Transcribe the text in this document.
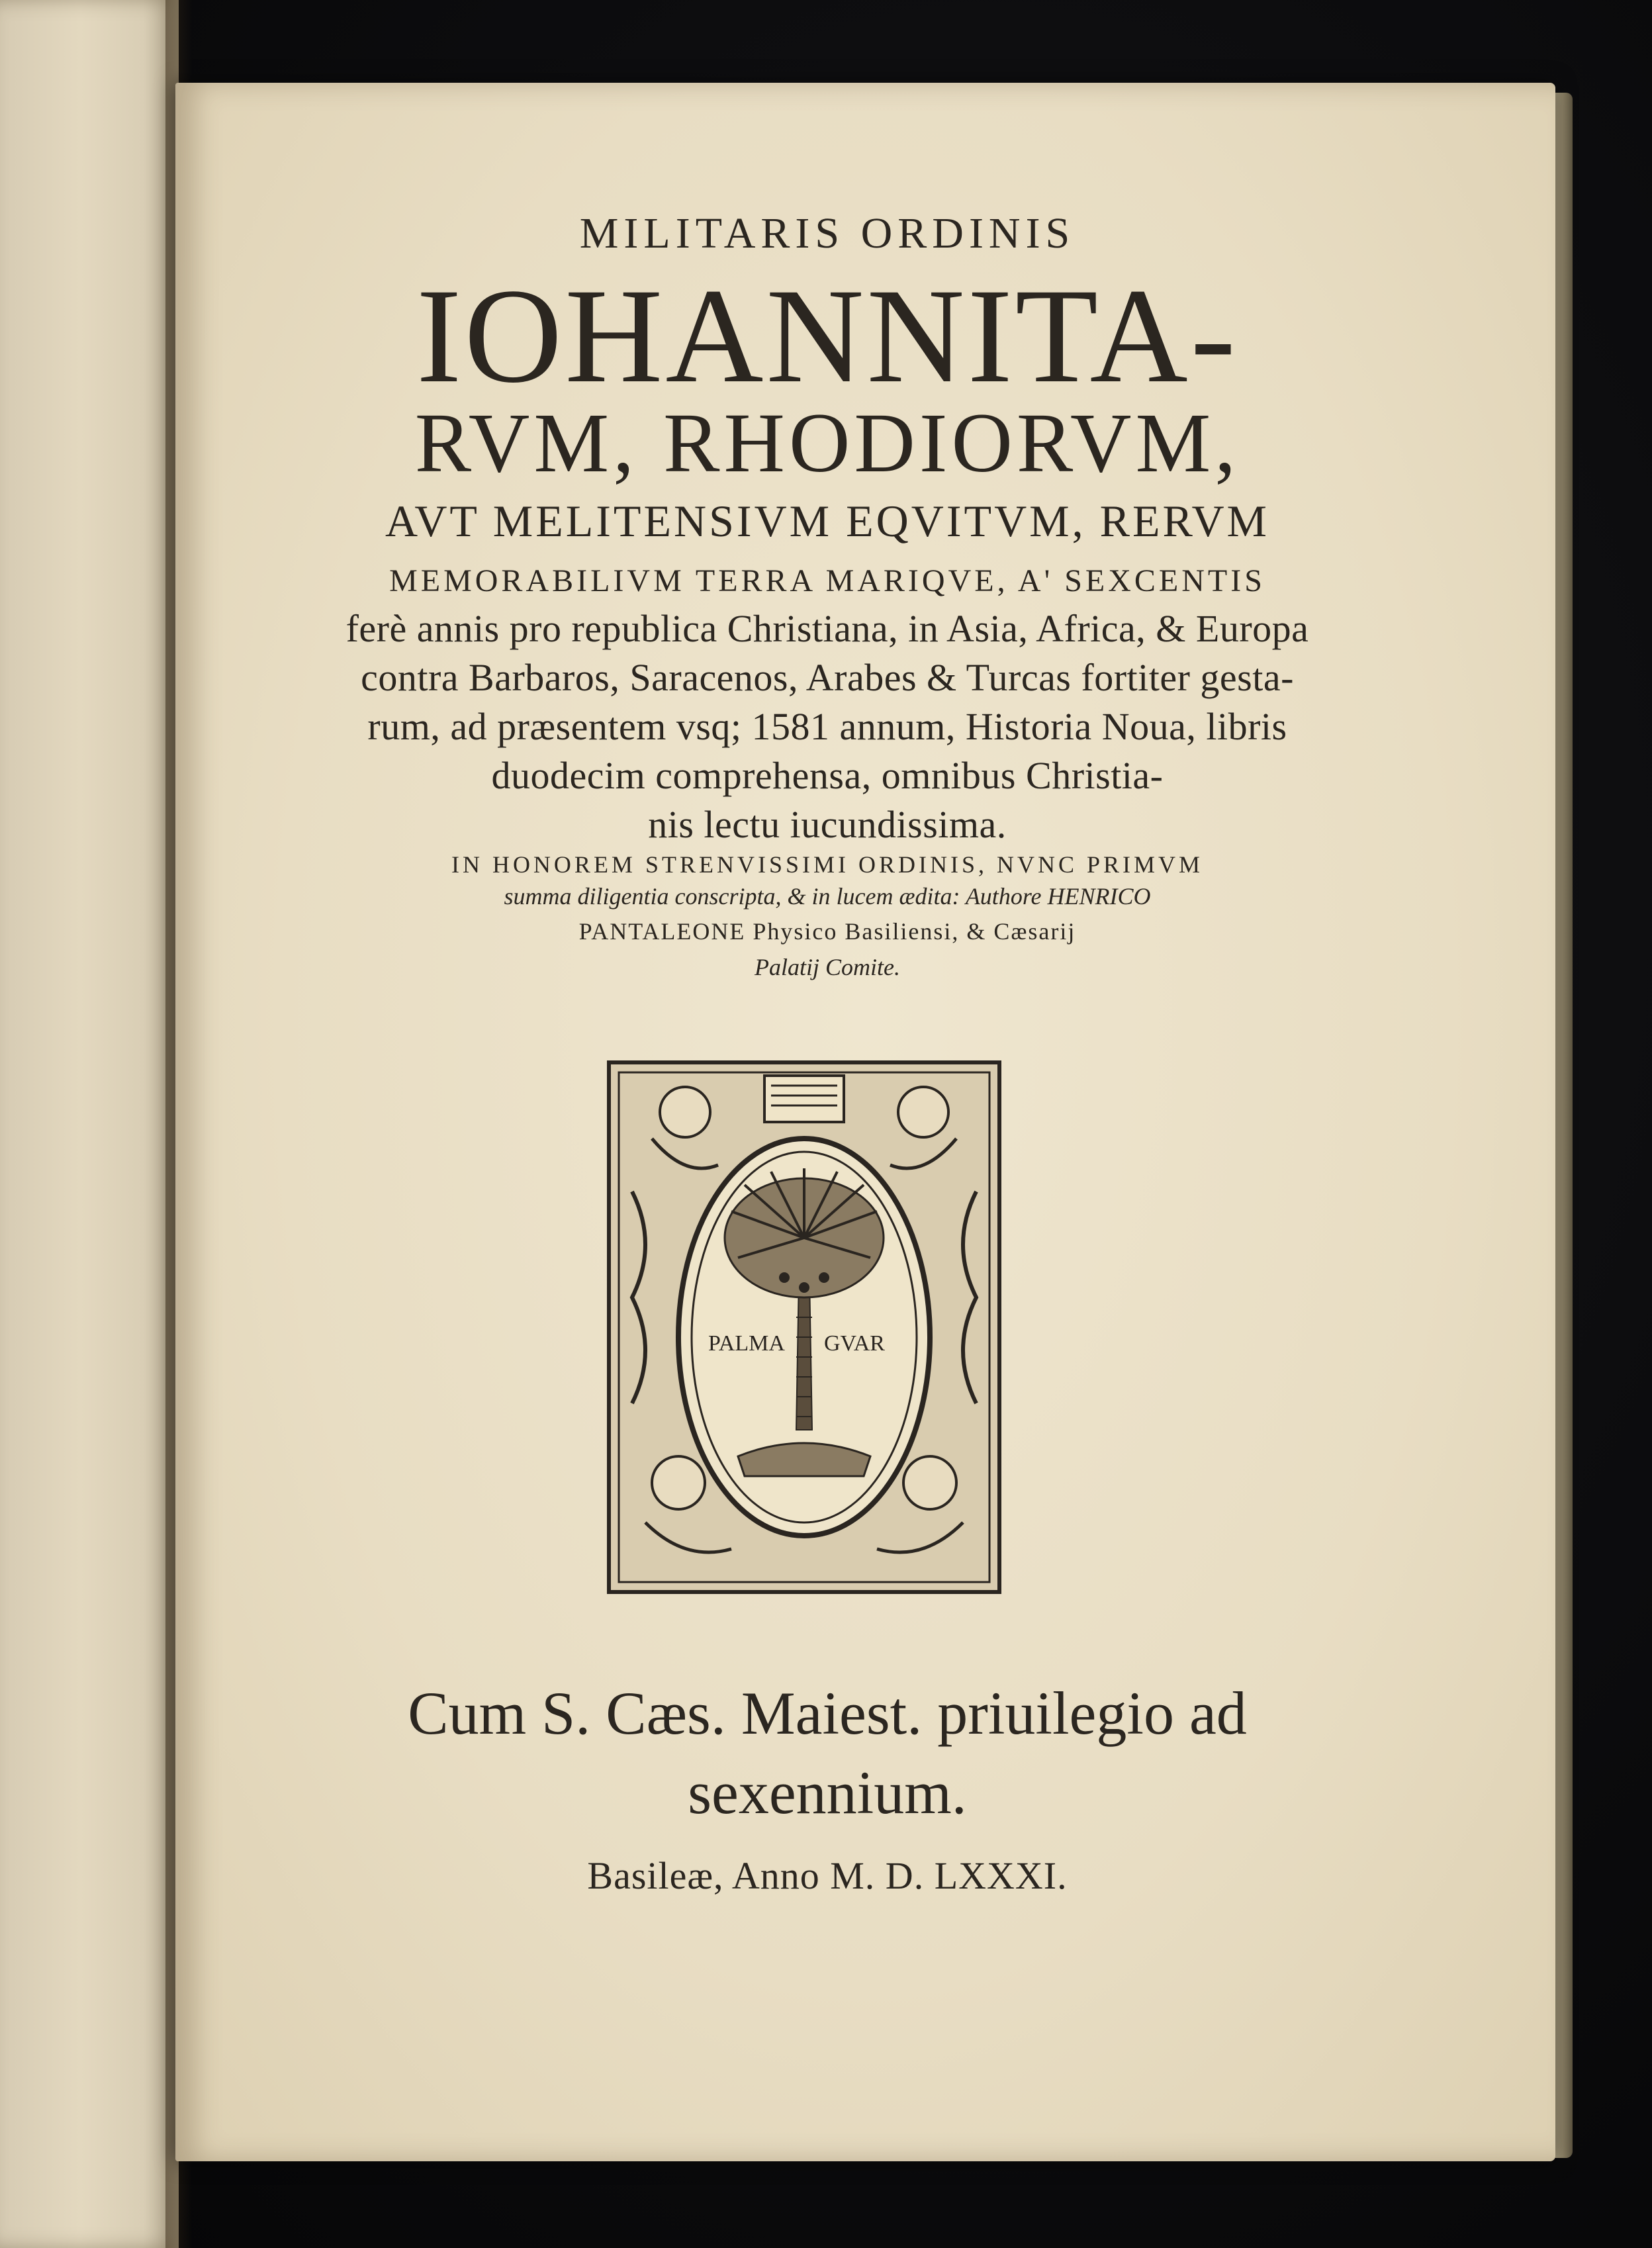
MILITARIS ORDINIS
IOHANNITA-
RVM, RHODIORVM,
AVT MELITENSIVM EQVITVM, RERVM
MEMORABILIVM TERRA MARIQVE, A' SEXCENTIS
ferè annis pro republica Christiana, in Asia, Africa, & Europa
contra Barbaros, Saracenos, Arabes & Turcas fortiter gesta-
rum, ad præsentem vsq; 1581 annum, Historia Noua, libris
duodecim comprehensa, omnibus Christia-
nis lectu iucundissima.
IN HONOREM STRENVISSIMI ORDINIS, NVNC PRIMVM
summa diligentia conscripta, & in lucem ædita: Authore HENRICO
PANTALEONE Physico Basiliensi, & Cæsarij
Palatij Comite.
PALMA GVAR
Cum S. Cæs. Maiest. priuilegio ad
sexennium.
Basileæ, Anno M. D. LXXXI.
